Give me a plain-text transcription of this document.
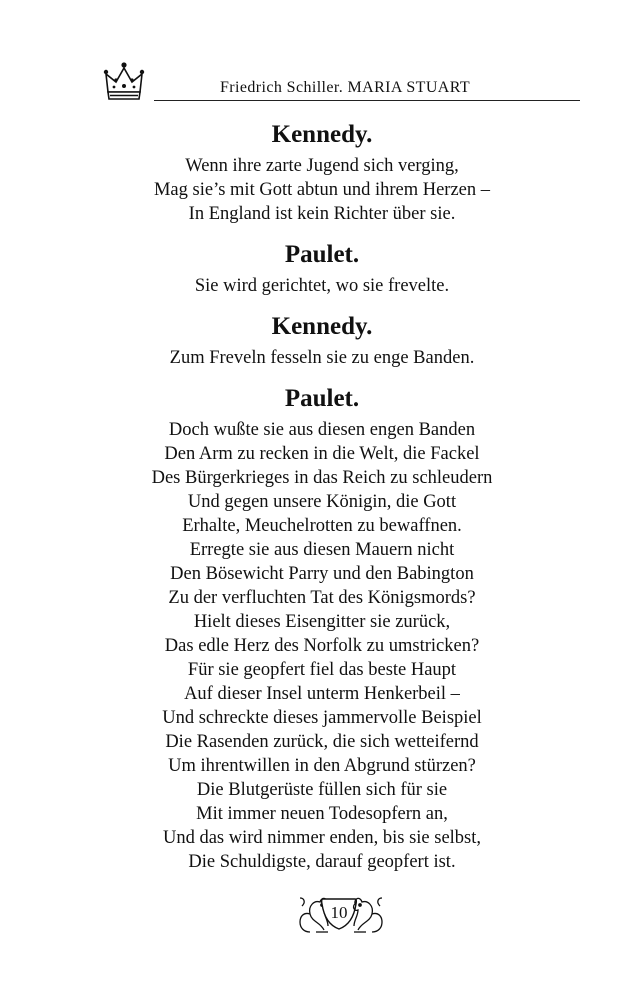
Friedrich Schiller. MARIA STUART
Kennedy.
Wenn ihre zarte Jugend sich verging,
Mag sie’s mit Gott abtun und ihrem Herzen –
In England ist kein Richter über sie.
Paulet.
Sie wird gerichtet, wo sie frevelte.
Kennedy.
Zum Freveln fesseln sie zu enge Banden.
Paulet.
Doch wußte sie aus diesen engen Banden
Den Arm zu recken in die Welt, die Fackel
Des Bürgerkrieges in das Reich zu schleudern
Und gegen unsere Königin, die Gott
Erhalte, Meuchelrotten zu bewaffnen.
Erregte sie aus diesen Mauern nicht
Den Bösewicht Parry und den Babington
Zu der verfluchten Tat des Königsmords?
Hielt dieses Eisengitter sie zurück,
Das edle Herz des Norfolk zu umstricken?
Für sie geopfert fiel das beste Haupt
Auf dieser Insel unterm Henkerbeil –
Und schreckte dieses jammervolle Beispiel
Die Rasenden zurück, die sich wetteifernd
Um ihrentwillen in den Abgrund stürzen?
Die Blutgerüste füllen sich für sie
Mit immer neuen Todesopfern an,
Und das wird nimmer enden, bis sie selbst,
Die Schuldigste, darauf geopfert ist.
10
